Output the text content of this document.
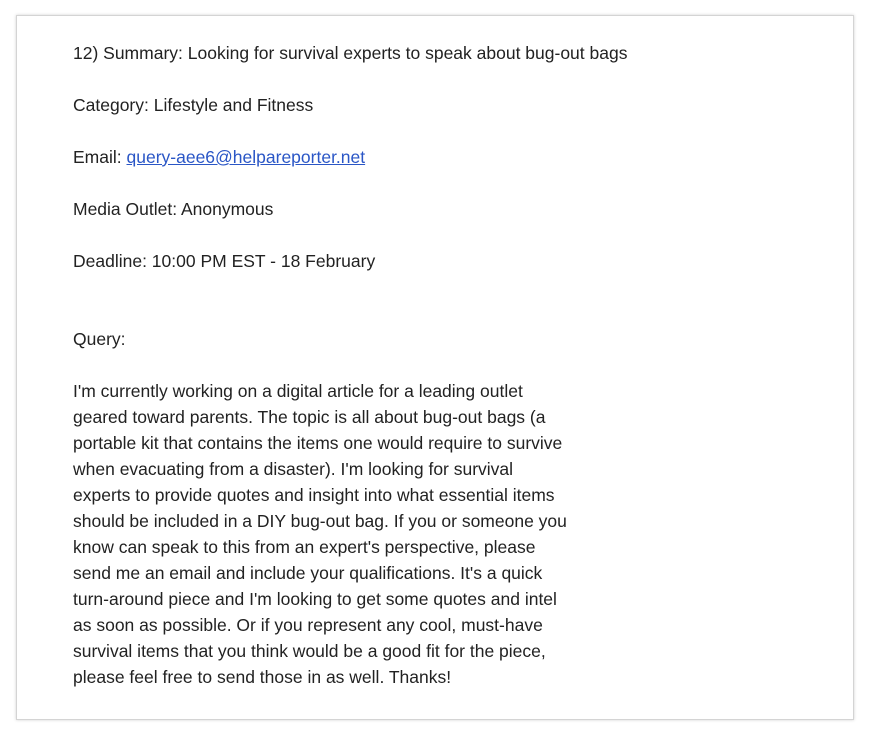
12) Summary: Looking for survival experts to speak about bug-out bags

Category: Lifestyle and Fitness

Email: query-aee6@helpareporter.net

Media Outlet: Anonymous

Deadline: 10:00 PM EST - 18 February

Query:

I'm currently working on a digital article for a leading outlet geared toward parents. The topic is all about bug-out bags (a portable kit that contains the items one would require to survive when evacuating from a disaster). I'm looking for survival experts to provide quotes and insight into what essential items should be included in a DIY bug-out bag. If you or someone you know can speak to this from an expert's perspective, please send me an email and include your qualifications. It's a quick turn-around piece and I'm looking to get some quotes and intel as soon as possible. Or if you represent any cool, must-have survival items that you think would be a good fit for the piece, please feel free to send those in as well. Thanks!
